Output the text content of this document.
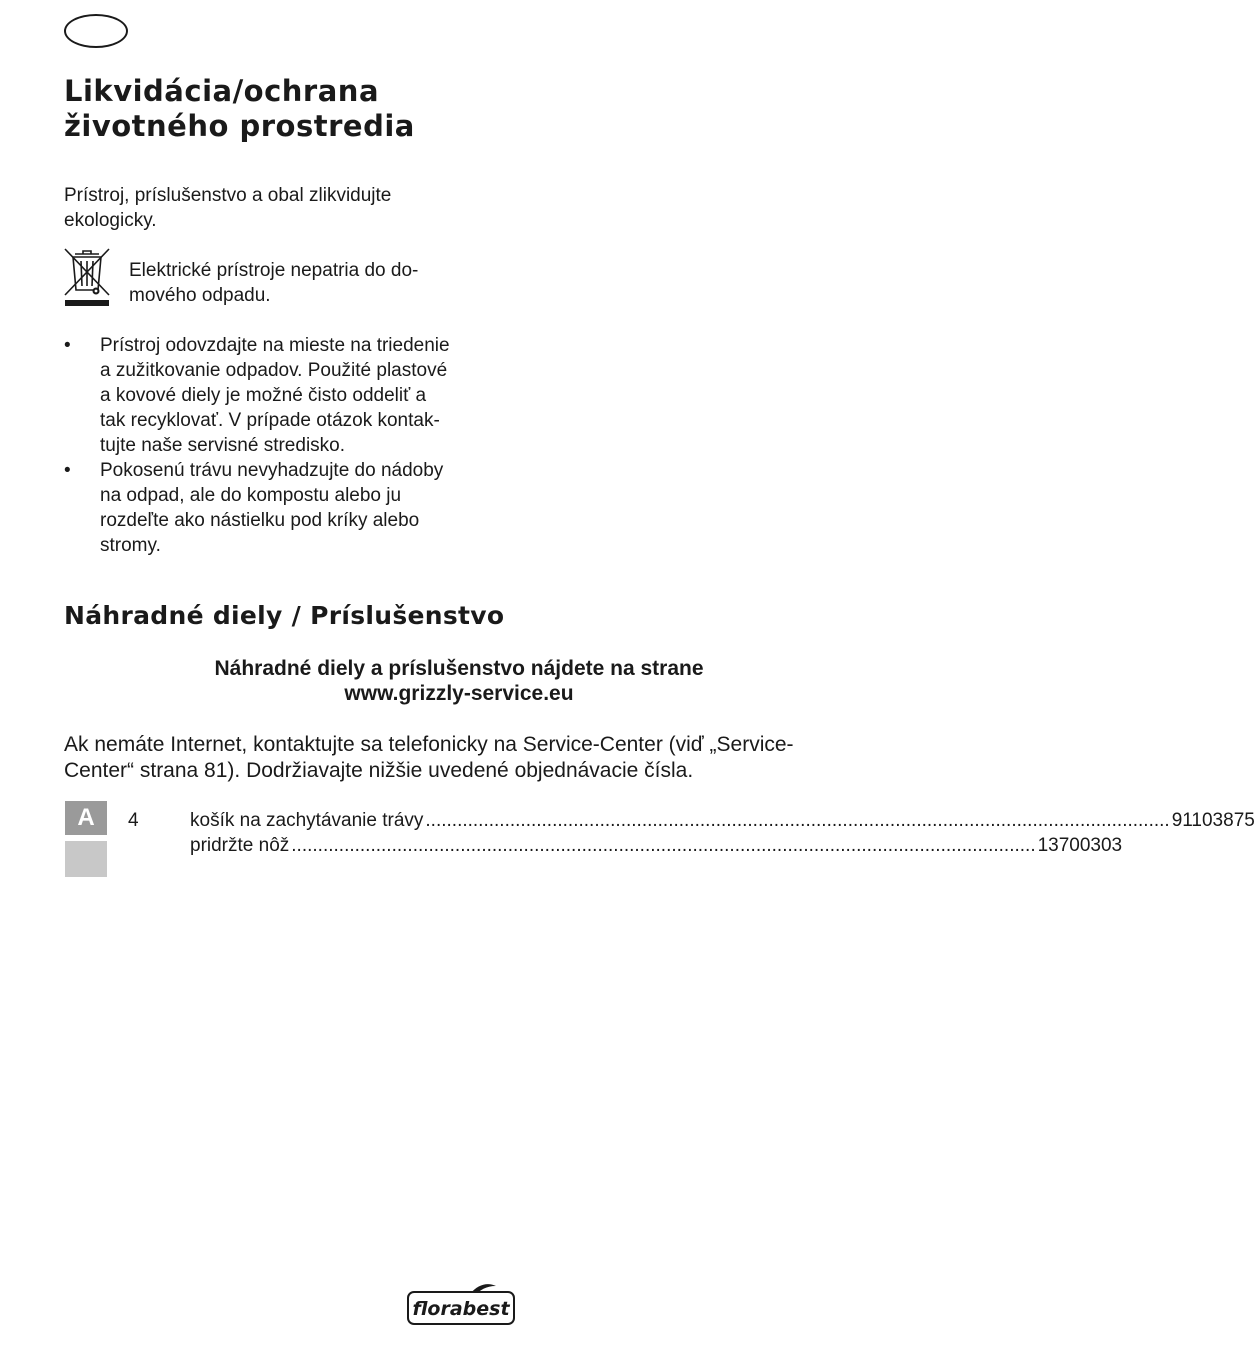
Likvidácia/ochrana
životného prostredia

Prístroj, príslušenstvo a obal zlikvidujte
ekologicky.

Elektrické prístroje nepatria do do-
mového odpadu.

• Prístroj odovzdajte na mieste na triedenie
a zužitkovanie odpadov. Použité plastové
a kovové diely je možné čisto oddeliť a
tak recyklovať. V prípade otázok kontak-
tujte naše servisné stredisko.
• Pokosenú trávu nevyhadzujte do nádoby
na odpad, ale do kompostu alebo ju
rozdeľte ako nástielku pod kríky alebo
stromy.
Náhradné diely / Príslušenstvo

Náhradné diely a príslušenstvo nájdete na strane
www.grizzly-service.eu

Ak nemáte Internet, kontaktujte sa telefonicky na Service-Center (viď „Service-
Center“ strana 81). Dodržiavajte nižšie uvedené objednávacie čísla.

A	4	košík na zachytávanie trávy ............................................................................................................................................. 91103875
pridržte nôž ............................................................................................................................................. 13700303
florabest
